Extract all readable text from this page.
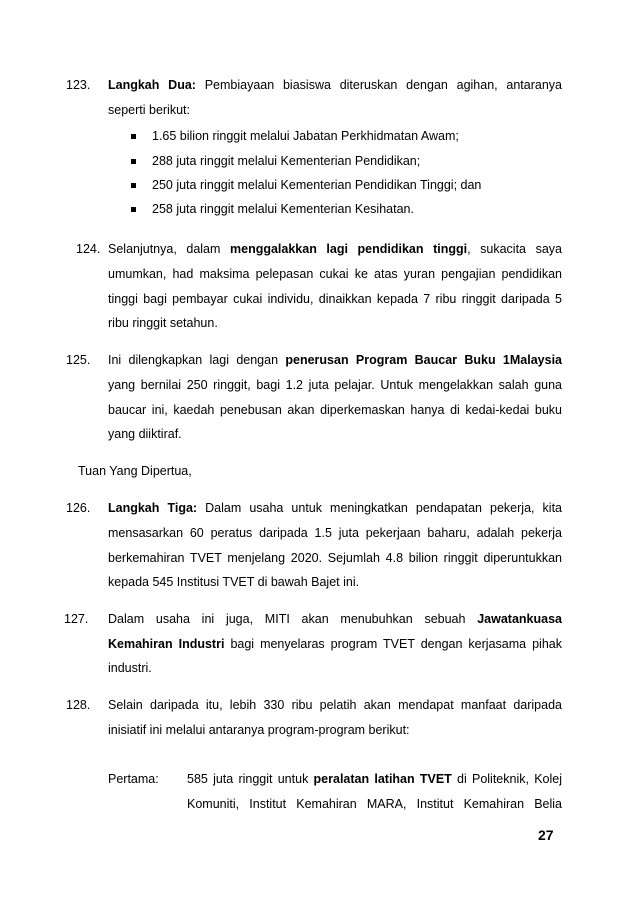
123. Langkah Dua: Pembiayaan biasiswa diteruskan dengan agihan, antaranya
seperti berikut:
1.65 bilion ringgit melalui Jabatan Perkhidmatan Awam;
288 juta ringgit melalui Kementerian Pendidikan;
250 juta ringgit melalui Kementerian Pendidikan Tinggi; dan
258 juta ringgit melalui Kementerian Kesihatan.
124. Selanjutnya, dalam menggalakkan lagi pendidikan tinggi, sukacita saya
umumkan, had maksima pelepasan cukai ke atas yuran pengajian pendidikan
tinggi bagi pembayar cukai individu, dinaikkan kepada 7 ribu ringgit daripada 5
ribu ringgit setahun.
125. Ini dilengkapkan lagi dengan penerusan Program Baucar Buku 1Malaysia
yang bernilai 250 ringgit, bagi 1.2 juta pelajar. Untuk mengelakkan salah guna
baucar ini, kaedah penebusan akan diperkemaskan hanya di kedai-kedai buku
yang diiktiraf.
Tuan Yang Dipertua,
126. Langkah Tiga: Dalam usaha untuk meningkatkan pendapatan pekerja, kita
mensasarkan 60 peratus daripada 1.5 juta pekerjaan baharu, adalah pekerja
berkemahiran TVET menjelang 2020. Sejumlah 4.8 bilion ringgit diperuntukkan
kepada 545 Institusi TVET di bawah Bajet ini.
127. Dalam usaha ini juga, MITI akan menubuhkan sebuah Jawatankuasa
Kemahiran Industri bagi menyelaras program TVET dengan kerjasama pihak
industri.
128. Selain daripada itu, lebih 330 ribu pelatih akan mendapat manfaat daripada
inisiatif ini melalui antaranya program-program berikut:
Pertama: 585 juta ringgit untuk peralatan latihan TVET di Politeknik, Kolej
Komuniti, Institut Kemahiran MARA, Institut Kemahiran Belia
27
